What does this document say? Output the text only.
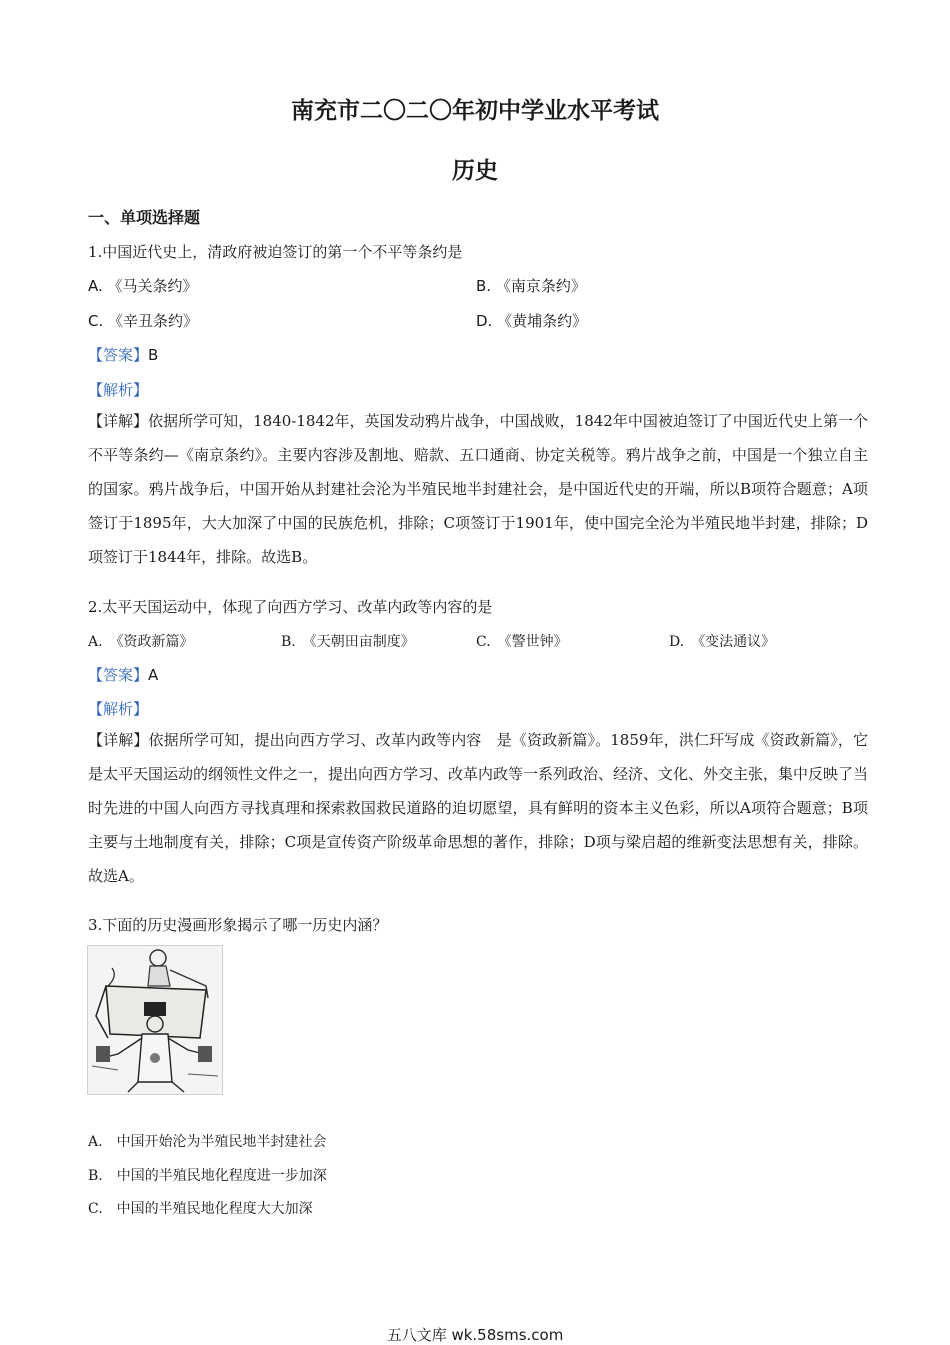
南充市二〇二〇年初中学业水平考试
历史
一、单项选择题
1.中国近代史上，清政府被迫签订的第一个不平等条约是
A. 《马关条约》	B. 《南京条约》
C. 《辛丑条约》	D. 《黄埔条约》
【答案】B
【解析】
【详解】依据所学可知，1840-1842年，英国发动鸦片战争，中国战败，1842年中国被迫签订了中国近代史上第一个不平等条约—《南京条约》。主要内容涉及割地、赔款、五口通商、协定关税等。鸦片战争之前，中国是一个独立自主的国家。鸦片战争后，中国开始从封建社会沦为半殖民地半封建社会，是中国近代史的开端，所以B项符合题意；A项签订于1895年，大大加深了中国的民族危机，排除；C项签订于1901年，使中国完全沦为半殖民地半封建，排除；D项签订于1844年，排除。故选B。
2.太平天国运动中，体现了向西方学习、改革内政等内容的是
A.　 《资政新篇》	B.　 《天朝田亩制度》	C.　 《警世钟》	D.　 《变法通议》
【答案】A
【解析】
【详解】依据所学可知，提出向西方学习、改革内政等内容　是《资政新篇》。1859年，洪仁玕写成《资政新篇》，它是太平天国运动的纲领性文件之一，提出向西方学习、改革内政等一系列政治、经济、文化、外交主张，集中反映了当时先进的中国人向西方寻找真理和探索救国救民道路的迫切愿望，具有鲜明的资本主义色彩，所以A项符合题意；B项主要与土地制度有关，排除；C项是宣传资产阶级革命思想的著作，排除；D项与梁启超的维新变法思想有关，排除。故选A。
3.下面的历史漫画形象揭示了哪一历史内涵？
A.　 中国开始沦为半殖民地半封建社会
B.　 中国的半殖民地化程度进一步加深
C.　 中国的半殖民地化程度大大加深
五八文库 wk.58sms.com
